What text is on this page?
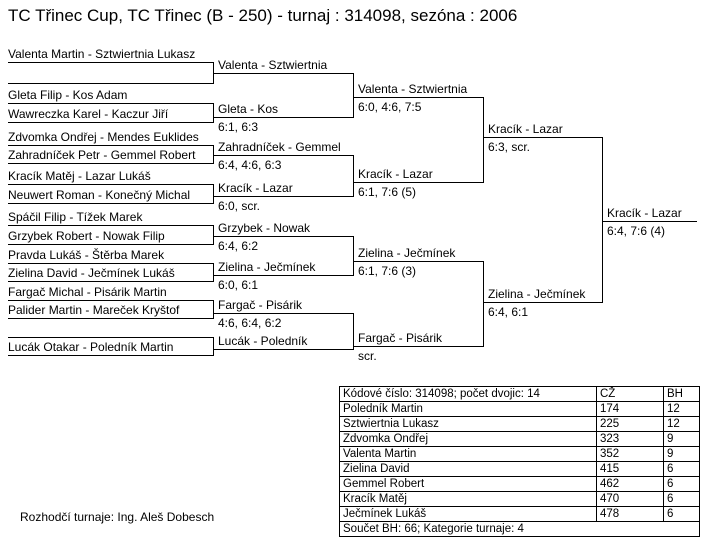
TC Třinec Cup, TC Třinec (B - 250) - turnaj : 314098, sezóna : 2006
Valenta Martin - Sztwiertnia Lukasz
Gleta Filip - Kos Adam
Wawreczka Karel - Kaczur Jiří
Zdvomka Ondřej - Mendes Euklides
Zahradníček Petr - Gemmel Robert
Kracík Matěj - Lazar Lukáš
Neuwert Roman - Konečný Michal
Spáčil Filip - Tížek Marek
Grzybek Robert - Nowak Filip
Pravda Lukáš - Štěrba Marek
Zielina David - Ječmínek Lukáš
Fargač Michal - Pisárik Martin
Palider Martin - Mareček Kryštof
Lucák Otakar - Poledník Martin
Valenta - Sztwiertnia
Gleta - Kos
6:1, 6:3
Zahradníček - Gemmel
6:4, 4:6, 6:3
Kracík - Lazar
6:0, scr.
Grzybek - Nowak
6:4, 6:2
Zielina - Ječmínek
6:0, 6:1
Fargač - Pisárik
4:6, 6:4, 6:2
Lucák - Poledník
Valenta - Sztwiertnia
6:0, 4:6, 7:5
Kracík - Lazar
6:1, 7:6 (5)
Zielina - Ječmínek
6:1, 7:6 (3)
Fargač - Pisárik
scr.
Kracík - Lazar
6:3, scr.
Zielina - Ječmínek
6:4, 6:1
Kracík - Lazar
6:4, 7:6 (4)
Kódové číslo: 314098; počet dvojic: 14	CŽ	BH
Poledník Martin	174	12
Sztwiertnia Lukasz	225	12
Zdvomka Ondřej	323	9
Valenta Martin	352	9
Zielina David	415	6
Gemmel Robert	462	6
Kracík Matěj	470	6
Ječmínek Lukáš	478	6
Součet BH: 66; Kategorie turnaje: 4		
Rozhodčí turnaje: Ing. Aleš Dobesch
